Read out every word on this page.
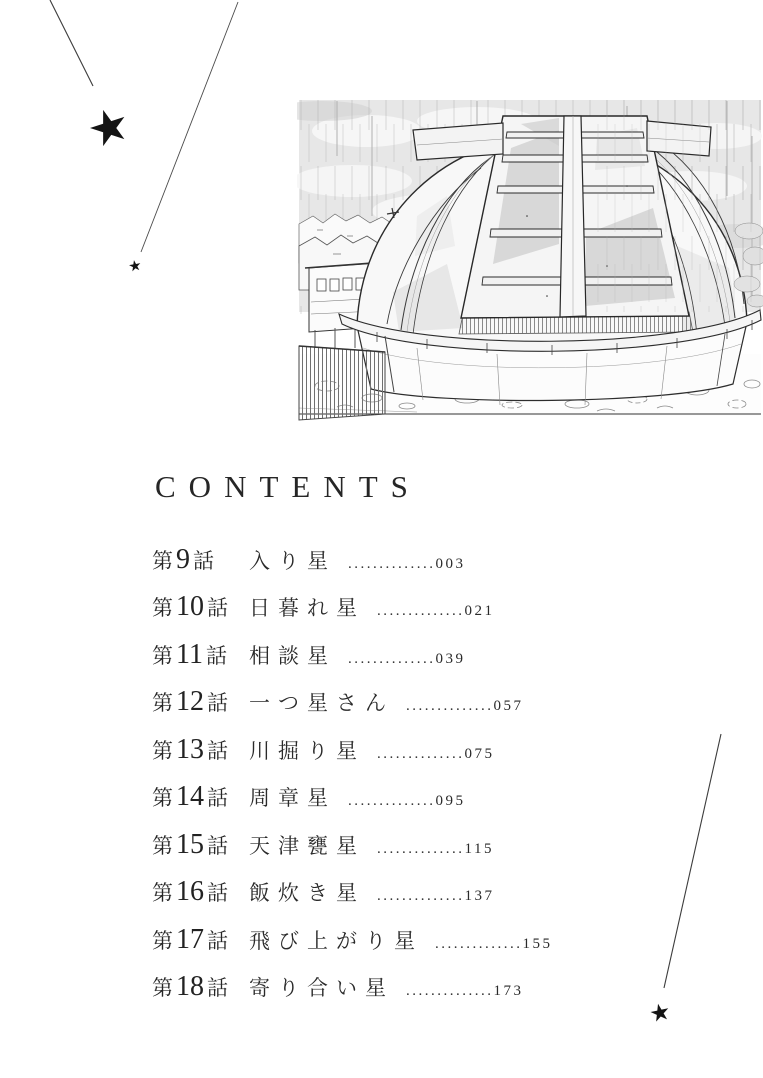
CONTENTS
第 9 話 入り星 ..............003
第 10 話 日暮れ星 ..............021
第 11 話 相談星 ..............039
第 12 話 一つ星さん ..............057
第 13 話 川掘り星 ..............075
第 14 話 周章星 ..............095
第 15 話 天津甕星 ..............115
第 16 話 飯炊き星 ..............137
第 17 話 飛び上がり星 ..............155
第 18 話 寄り合い星 ..............173
